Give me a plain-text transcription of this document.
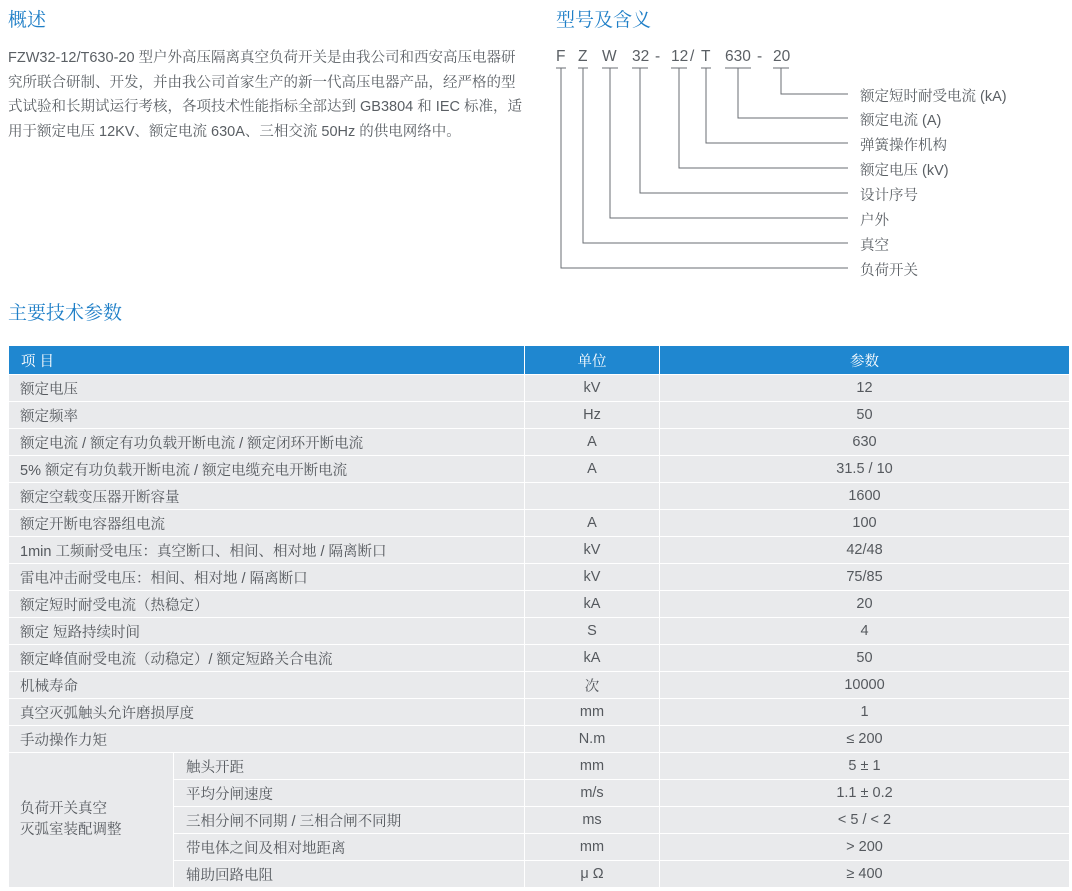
概述

FZW32-12/T630-20 型户外高压隔离真空负荷开关是由我公司和西安高压电器研究所联合研制、开发，并由我公司首家生产的新一代高压电器产品，经严格的型式试验和长期试运行考核，各项技术性能指标全部达到 GB3804 和 IEC 标准，适用于额定电压 12KV、额定电流 630A、三相交流 50Hz 的供电网络中。

型号及含义
F Z W 32 - 12 / T 630 - 20
额定短时耐受电流 (kA)
额定电流 (A)
弹簧操作机构
额定电压 (kV)
设计序号
户外
真空
负荷开关
主要技术参数
项 目		单位	参数
额定电压		kV	12
额定频率		Hz	50
额定电流 / 额定有功负载开断电流 / 额定闭环开断电流		A	630
5% 额定有功负载开断电流 / 额定电缆充电开断电流		A	31.5 / 10
额定空载变压器开断容量			1600
额定开断电容器组电流		A	100
1min 工频耐受电压：真空断口、相间、相对地 / 隔离断口		kV	42/48
雷电冲击耐受电压：相间、相对地 / 隔离断口		kV	75/85
额定短时耐受电流（热稳定）		kA	20
额定 短路持续时间		S	4
额定峰值耐受电流（动稳定）/ 额定短路关合电流		kA	50
机械寿命		次	10000
真空灭弧触头允许磨损厚度		mm	1
手动操作力矩		N.m	≤ 200
负荷开关真空
灭弧室装配调整	触头开距	mm	5 ± 1
	平均分闸速度	m/s	1.1 ± 0.2
	三相分闸不同期 / 三相合闸不同期	ms	< 5 / < 2
	带电体之间及相对地距离	mm	> 200
	辅助回路电阻	μ Ω	≥ 400
